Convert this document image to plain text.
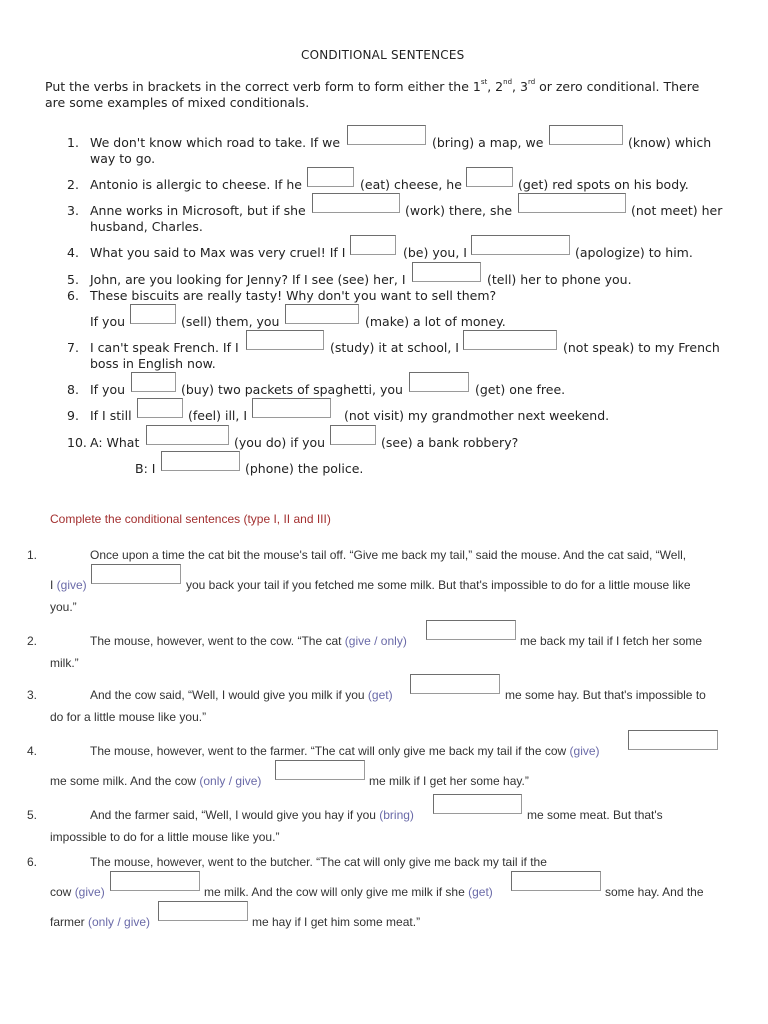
CONDITIONAL SENTENCES
Put the verbs in brackets in the correct verb form to form either the 1st, 2nd, 3rd or zero conditional. There
are some examples of mixed conditionals.
1. We don't know which road to take. If we	(bring) a map, we	(know) which
way to go.
2. Antonio is allergic to cheese. If he	(eat) cheese, he	(get) red spots on his body.
3. Anne works in Microsoft, but if she	(work) there, she	(not meet) her
husband, Charles.
4. What you said to Max was very cruel! If I	(be) you, I	(apologize) to him.
5. John, are you looking for Jenny? If I see (see) her, I	(tell) her to phone you.
6. These biscuits are really tasty! Why don't you want to sell them?
If you	(sell) them, you	(make) a lot of money.
7. I can't speak French. If I	(study) it at school, I	(not speak) to my French
boss in English now.
8. If you	(buy) two packets of spaghetti, you	(get) one free.
9. If I still	(feel) ill, I	(not visit) my grandmother next weekend.
10. A: What	(you do) if you	(see) a bank robbery?
B: I	(phone) the police.
Complete the conditional sentences (type I, II and III)
1.	Once upon a time the cat bit the mouse's tail off. “Give me back my tail,” said the mouse. And the cat said, “Well,
I (give)	you back your tail if you fetched me some milk. But that's impossible to do for a little mouse like
you.”
2.	The mouse, however, went to the cow. “The cat (give / only)	me back my tail if I fetch her some
milk.”
3.	And the cow said, “Well, I would give you milk if you (get)	me some hay. But that's impossible to
do for a little mouse like you.”
4.	The mouse, however, went to the farmer. “The cat will only give me back my tail if the cow (give)
me some milk. And the cow (only / give)	me milk if I get her some hay.”
5.	And the farmer said, “Well, I would give you hay if you (bring)	me some meat. But that's
impossible to do for a little mouse like you.”
6.	The mouse, however, went to the butcher. “The cat will only give me back my tail if the
cow (give)	me milk. And the cow will only give me milk if she (get)	some hay. And the
farmer (only / give)	me hay if I get him some meat.”
